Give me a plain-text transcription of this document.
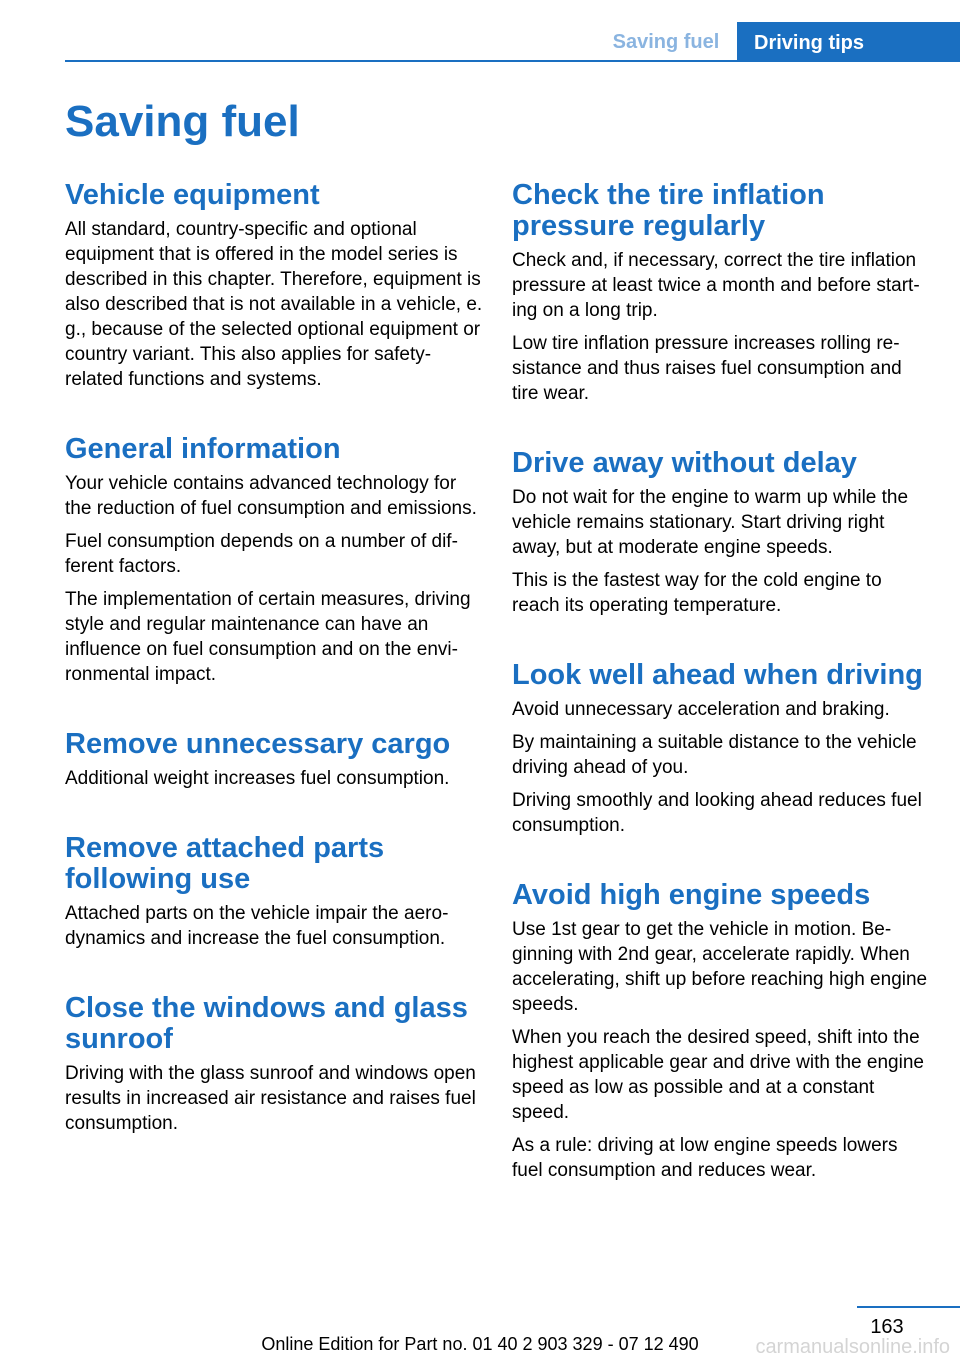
Saving fuel	Driving tips
Saving fuel
Vehicle equipment

All standard, country-specific and optional equipment that is offered in the model series is described in this chapter. Therefore, equipment is also described that is not available in a vehicle, e. g., because of the selected optional equipment or country variant. This also applies for safety-related functions and systems.

General information

Your vehicle contains advanced technology for the reduction of fuel consumption and emissions.

Fuel consumption depends on a number of different factors.

The implementation of certain measures, driving style and regular maintenance can have an influence on fuel consumption and on the environmental impact.

Remove unnecessary cargo

Additional weight increases fuel consumption.

Remove attached parts following use

Attached parts on the vehicle impair the aerodynamics and increase the fuel consumption.

Close the windows and glass sunroof

Driving with the glass sunroof and windows open results in increased air resistance and raises fuel consumption.

Check the tire inflation pressure regularly

Check and, if necessary, correct the tire inflation pressure at least twice a month and before starting on a long trip.

Low tire inflation pressure increases rolling resistance and thus raises fuel consumption and tire wear.

Drive away without delay

Do not wait for the engine to warm up while the vehicle remains stationary. Start driving right away, but at moderate engine speeds.

This is the fastest way for the cold engine to reach its operating temperature.

Look well ahead when driving

Avoid unnecessary acceleration and braking.

By maintaining a suitable distance to the vehicle driving ahead of you.

Driving smoothly and looking ahead reduces fuel consumption.

Avoid high engine speeds

Use 1st gear to get the vehicle in motion. Beginning with 2nd gear, accelerate rapidly. When accelerating, shift up before reaching high engine speeds.

When you reach the desired speed, shift into the highest applicable gear and drive with the engine speed as low as possible and at a constant speed.

As a rule: driving at low engine speeds lowers fuel consumption and reduces wear.

163
Online Edition for Part no. 01 40 2 903 329 - 07 12 490	carmanualsonline.info
